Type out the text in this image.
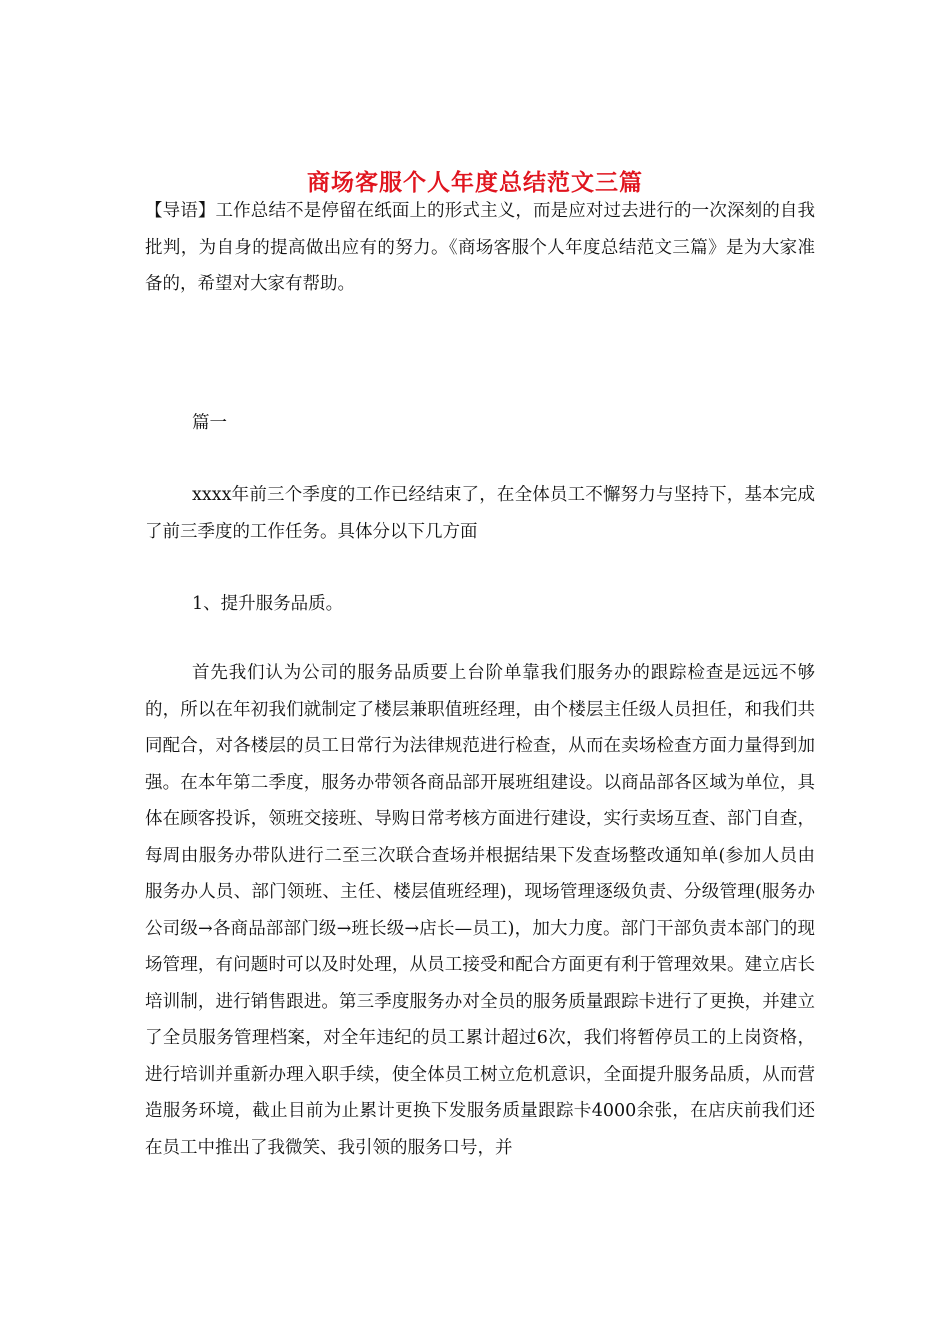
商场客服个人年度总结范文三篇

【导语】工作总结不是停留在纸面上的形式主义，而是应对过去进行的一次深刻的自我批判，为自身的提高做出应有的努力。《商场客服个人年度总结范文三篇》是为大家准备的，希望对大家有帮助。

篇一

xxxx年前三个季度的工作已经结束了，在全体员工不懈努力与坚持下，基本完成了前三季度的工作任务。具体分以下几方面

1、提升服务品质。

首先我们认为公司的服务品质要上台阶单靠我们服务办的跟踪检查是远远不够的，所以在年初我们就制定了楼层兼职值班经理，由个楼层主任级人员担任，和我们共同配合，对各楼层的员工日常行为法律规范进行检查，从而在卖场检查方面力量得到加强。在本年第二季度，服务办带领各商品部开展班组建设。以商品部各区域为单位，具体在顾客投诉，领班交接班、导购日常考核方面进行建设，实行卖场互查、部门自查，每周由服务办带队进行二至三次联合查场并根据结果下发查场整改通知单(参加人员由服务办人员、部门领班、主任、楼层值班经理)，现场管理逐级负责、分级管理(服务办公司级→各商品部部门级→班长级→店长—员工)，加大力度。部门干部负责本部门的现场管理，有问题时可以及时处理，从员工接受和配合方面更有利于管理效果。建立店长培训制，进行销售跟进。第三季度服务办对全员的服务质量跟踪卡进行了更换，并建立了全员服务管理档案，对全年违纪的员工累计超过6次，我们将暂停员工的上岗资格，进行培训并重新办理入职手续，使全体员工树立危机意识，全面提升服务品质，从而营造服务环境，截止目前为止累计更换下发服务质量跟踪卡4000余张，在店庆前我们还在员工中推出了我微笑、我引领的服务口号，并
